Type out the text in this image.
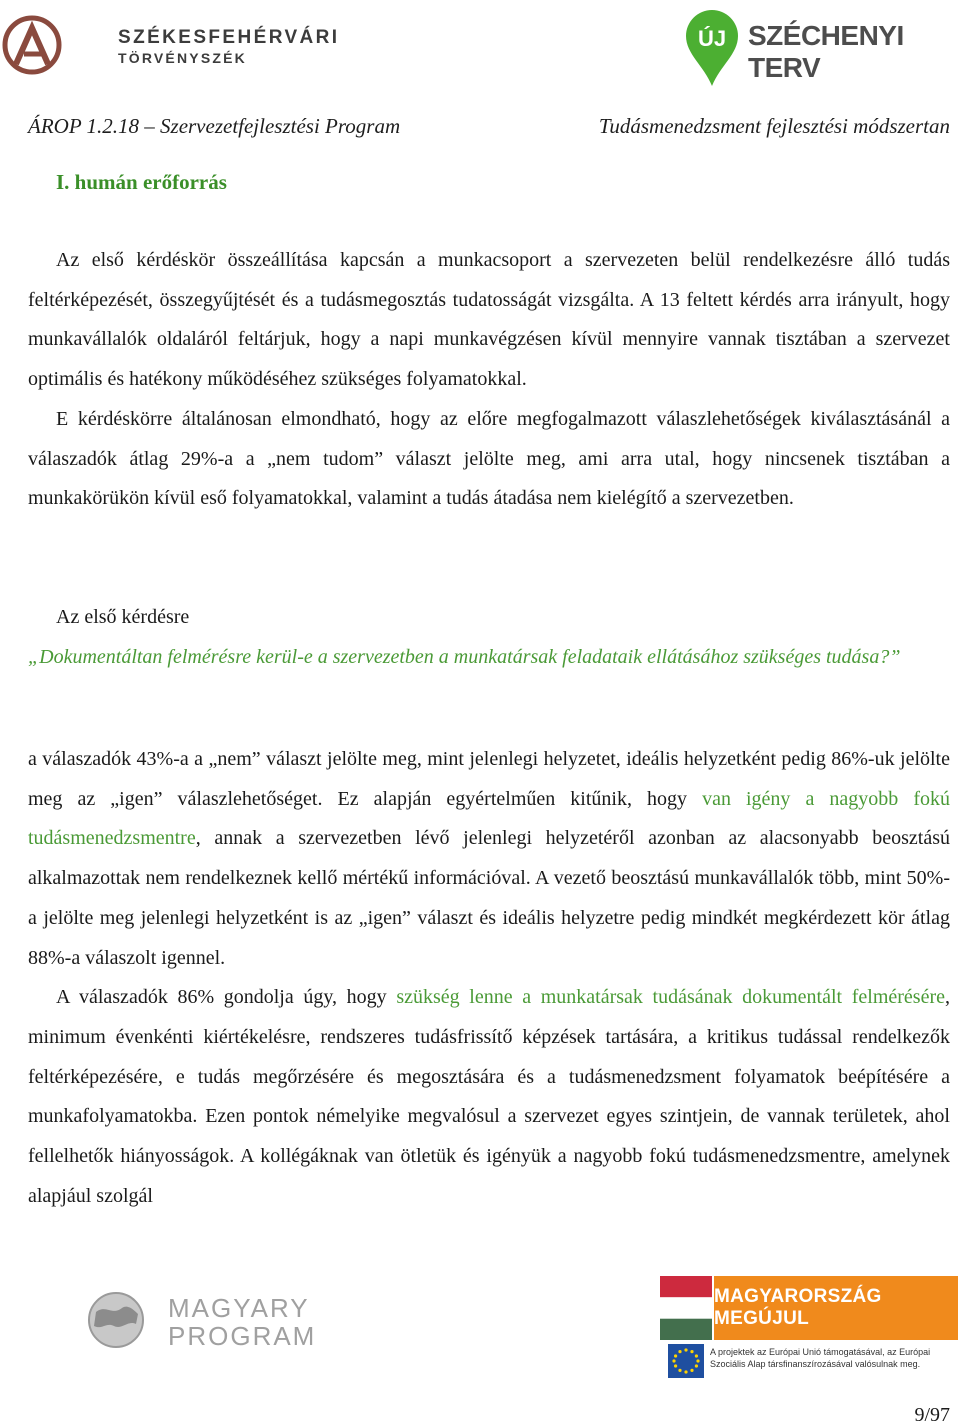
SZÉKESFEHÉRVÁRI
TÖRVÉNYSZÉK
ÚJ SZÉCHENYI TERV
ÁROP 1.2.18 – Szervezetfejlesztési Program	Tudásmenedzsment fejlesztési módszertan
I. humán erőforrás

Az első kérdéskör összeállítása kapcsán a munkacsoport a szervezeten belül rendelkezésre álló tudás feltérképezését, összegyűjtését és a tudásmegosztás tudatosságát vizsgálta. A 13 feltett kérdés arra irányult, hogy munkavállalók oldaláról feltárjuk, hogy a napi munkavégzésen kívül mennyire vannak tisztában a szervezet optimális és hatékony működéséhez szükséges folyamatokkal.

E kérdéskörre általánosan elmondható, hogy az előre megfogalmazott válaszlehetőségek kiválasztásánál a válaszadók átlag 29%-a a „nem tudom” választ jelölte meg, ami arra utal, hogy nincsenek tisztában a munkakörükön kívül eső folyamatokkal, valamint a tudás átadása nem kielégítő a szervezetben.

Az első kérdésre

„Dokumentáltan felmérésre kerül-e a szervezetben a munkatársak feladataik ellátásához szükséges tudása?”

a válaszadók 43%-a a „nem” választ jelölte meg, mint jelenlegi helyzetet, ideális helyzetként pedig 86%-uk jelölte meg az „igen” válaszlehetőséget. Ez alapján egyértelműen kitűnik, hogy van igény a nagyobb fokú tudásmenedzsmentre, annak a szervezetben lévő jelenlegi helyzetéről azonban az alacsonyabb beosztású alkalmazottak nem rendelkeznek kellő mértékű információval. A vezető beosztású munkavállalók több, mint 50%-a jelölte meg jelenlegi helyzetként is az „igen” választ és ideális helyzetre pedig mindkét megkérdezett kör átlag 88%-a válaszolt igennel.

A válaszadók 86% gondolja úgy, hogy szükség lenne a munkatársak tudásának dokumentált felmérésére, minimum évenkénti kiértékelésre, rendszeres tudásfrissítő képzések tartására, a kritikus tudással rendelkezők feltérképezésére, e tudás megőrzésére és megosztására és a tudásmenedzsment folyamatok beépítésére a munkafolyamatokba. Ezen pontok némelyike megvalósul a szervezet egyes szintjein, de vannak területek, ahol fellelhetők hiányosságok. A kollégáknak van ötletük és igényük a nagyobb fokú tudásmenedzsmentre, amelynek alapjául szolgál

MAGYARY
PROGRAM
MAGYARORSZÁG MEGÚJUL
A projektek az Európai Unió támogatásával, az Európai
Szociális Alap társfinanszírozásával valósulnak meg.
9/97
